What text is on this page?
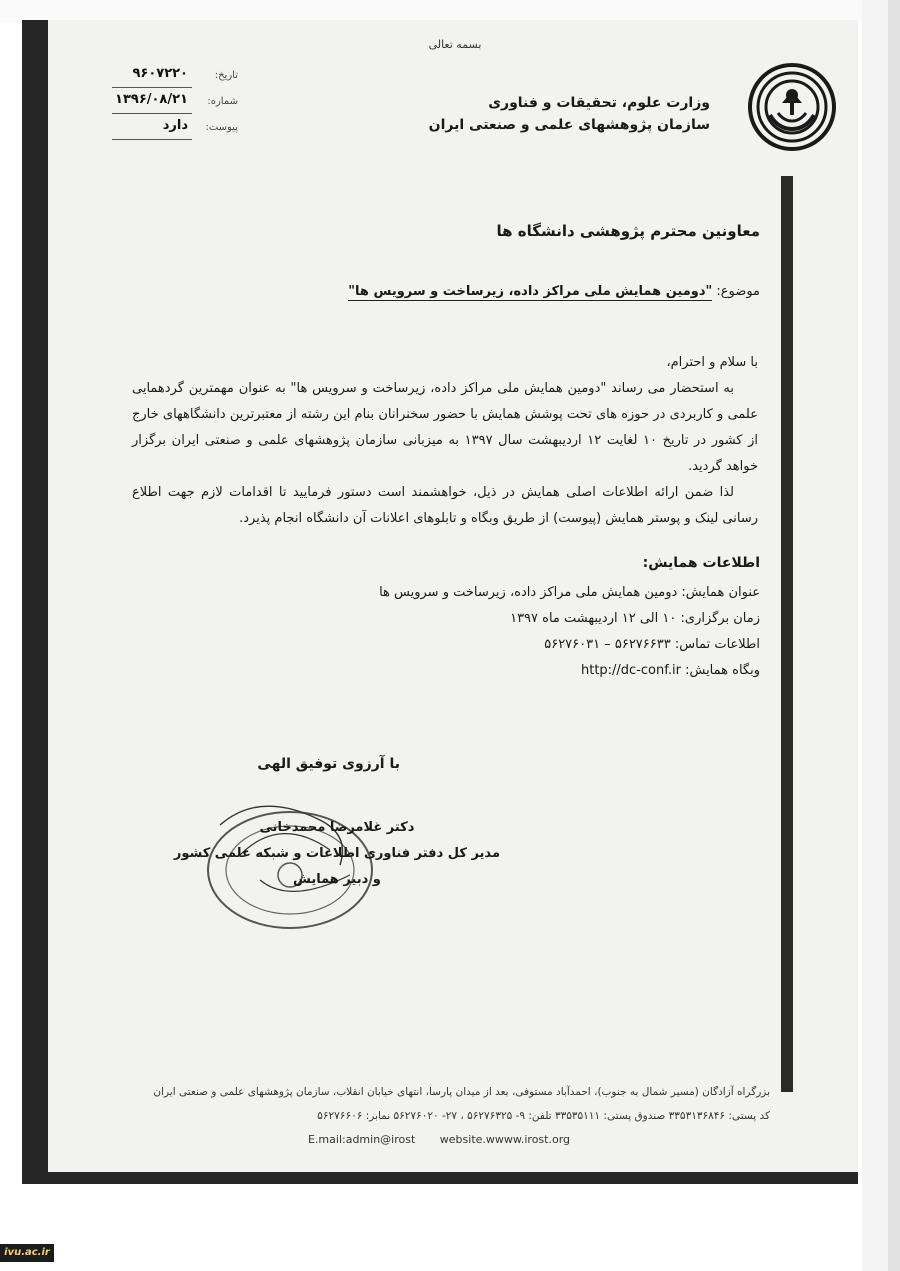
بسمه تعالی
وزارت علوم، تحقیقات و فناوری
سازمان پژوهشهای علمی و صنعتی ایران
تاریخ:
۹۶۰۷۲۲۰
شماره:
۱۳۹۶/۰۸/۲۱
پیوست:
دارد
معاونین محترم پژوهشی دانشگاه ها
موضوع: "دومین همایش ملی مراکز داده، زیرساخت و سرویس ها"

با سلام و احترام،

به استحضار می رساند "دومین همایش ملی مراکز داده، زیرساخت و سرویس ها" به عنوان مهمترین گردهمایی علمی و کاربردی در حوزه های تحت پوشش همایش با حضور سخنرانان بنام این رشته از معتبرترین دانشگاههای خارج از کشور در تاریخ ۱۰ لغایت ۱۲ اردیبهشت سال ۱۳۹۷ به میزبانی سازمان پژوهشهای علمی و صنعتی ایران برگزار خواهد گردید.

لذا ضمن ارائه اطلاعات اصلی همایش در ذیل، خواهشمند است دستور فرمایید تا اقدامات لازم جهت اطلاع رسانی لینک و پوستر همایش (پیوست) از طریق وبگاه و تابلوهای اعلانات آن دانشگاه انجام پذیرد.

اطلاعات همایش:
عنوان همایش: دومین همایش ملی مراکز داده، زیرساخت و سرویس ها
زمان برگزاری: ۱۰ الی ۱۲ اردیبهشت ماه ۱۳۹۷
اطلاعات تماس: ۵۶۲۷۶۶۳۳ – ۵۶۲۷۶۰۳۱
وبگاه همایش: http://dc-conf.ir
با آرزوی توفیق الهی
دکتر غلامرضا محمدخانی
مدیر کل دفتر فناوری اطلاعات و شبکه علمی کشور
و دبیر همایش
بزرگراه آزادگان (مسیر شمال به جنوب)، احمدآباد مستوفی، بعد از میدان پارسا، انتهای خیابان انقلاب، سازمان پژوهشهای علمی و صنعتی ایران
کد پستی: ۳۳۵۳۱۳۶۸۴۶ صندوق پستی: ۳۳۵۳۵۱۱۱ تلفن: ۹- ۵۶۲۷۶۳۲۵ ، ۲۷- ۵۶۲۷۶۰۲۰ نمابر: ۵۶۲۷۶۶۰۶
E.mail:admin@irost website.wwww.irost.org
ivu.ac.ir
